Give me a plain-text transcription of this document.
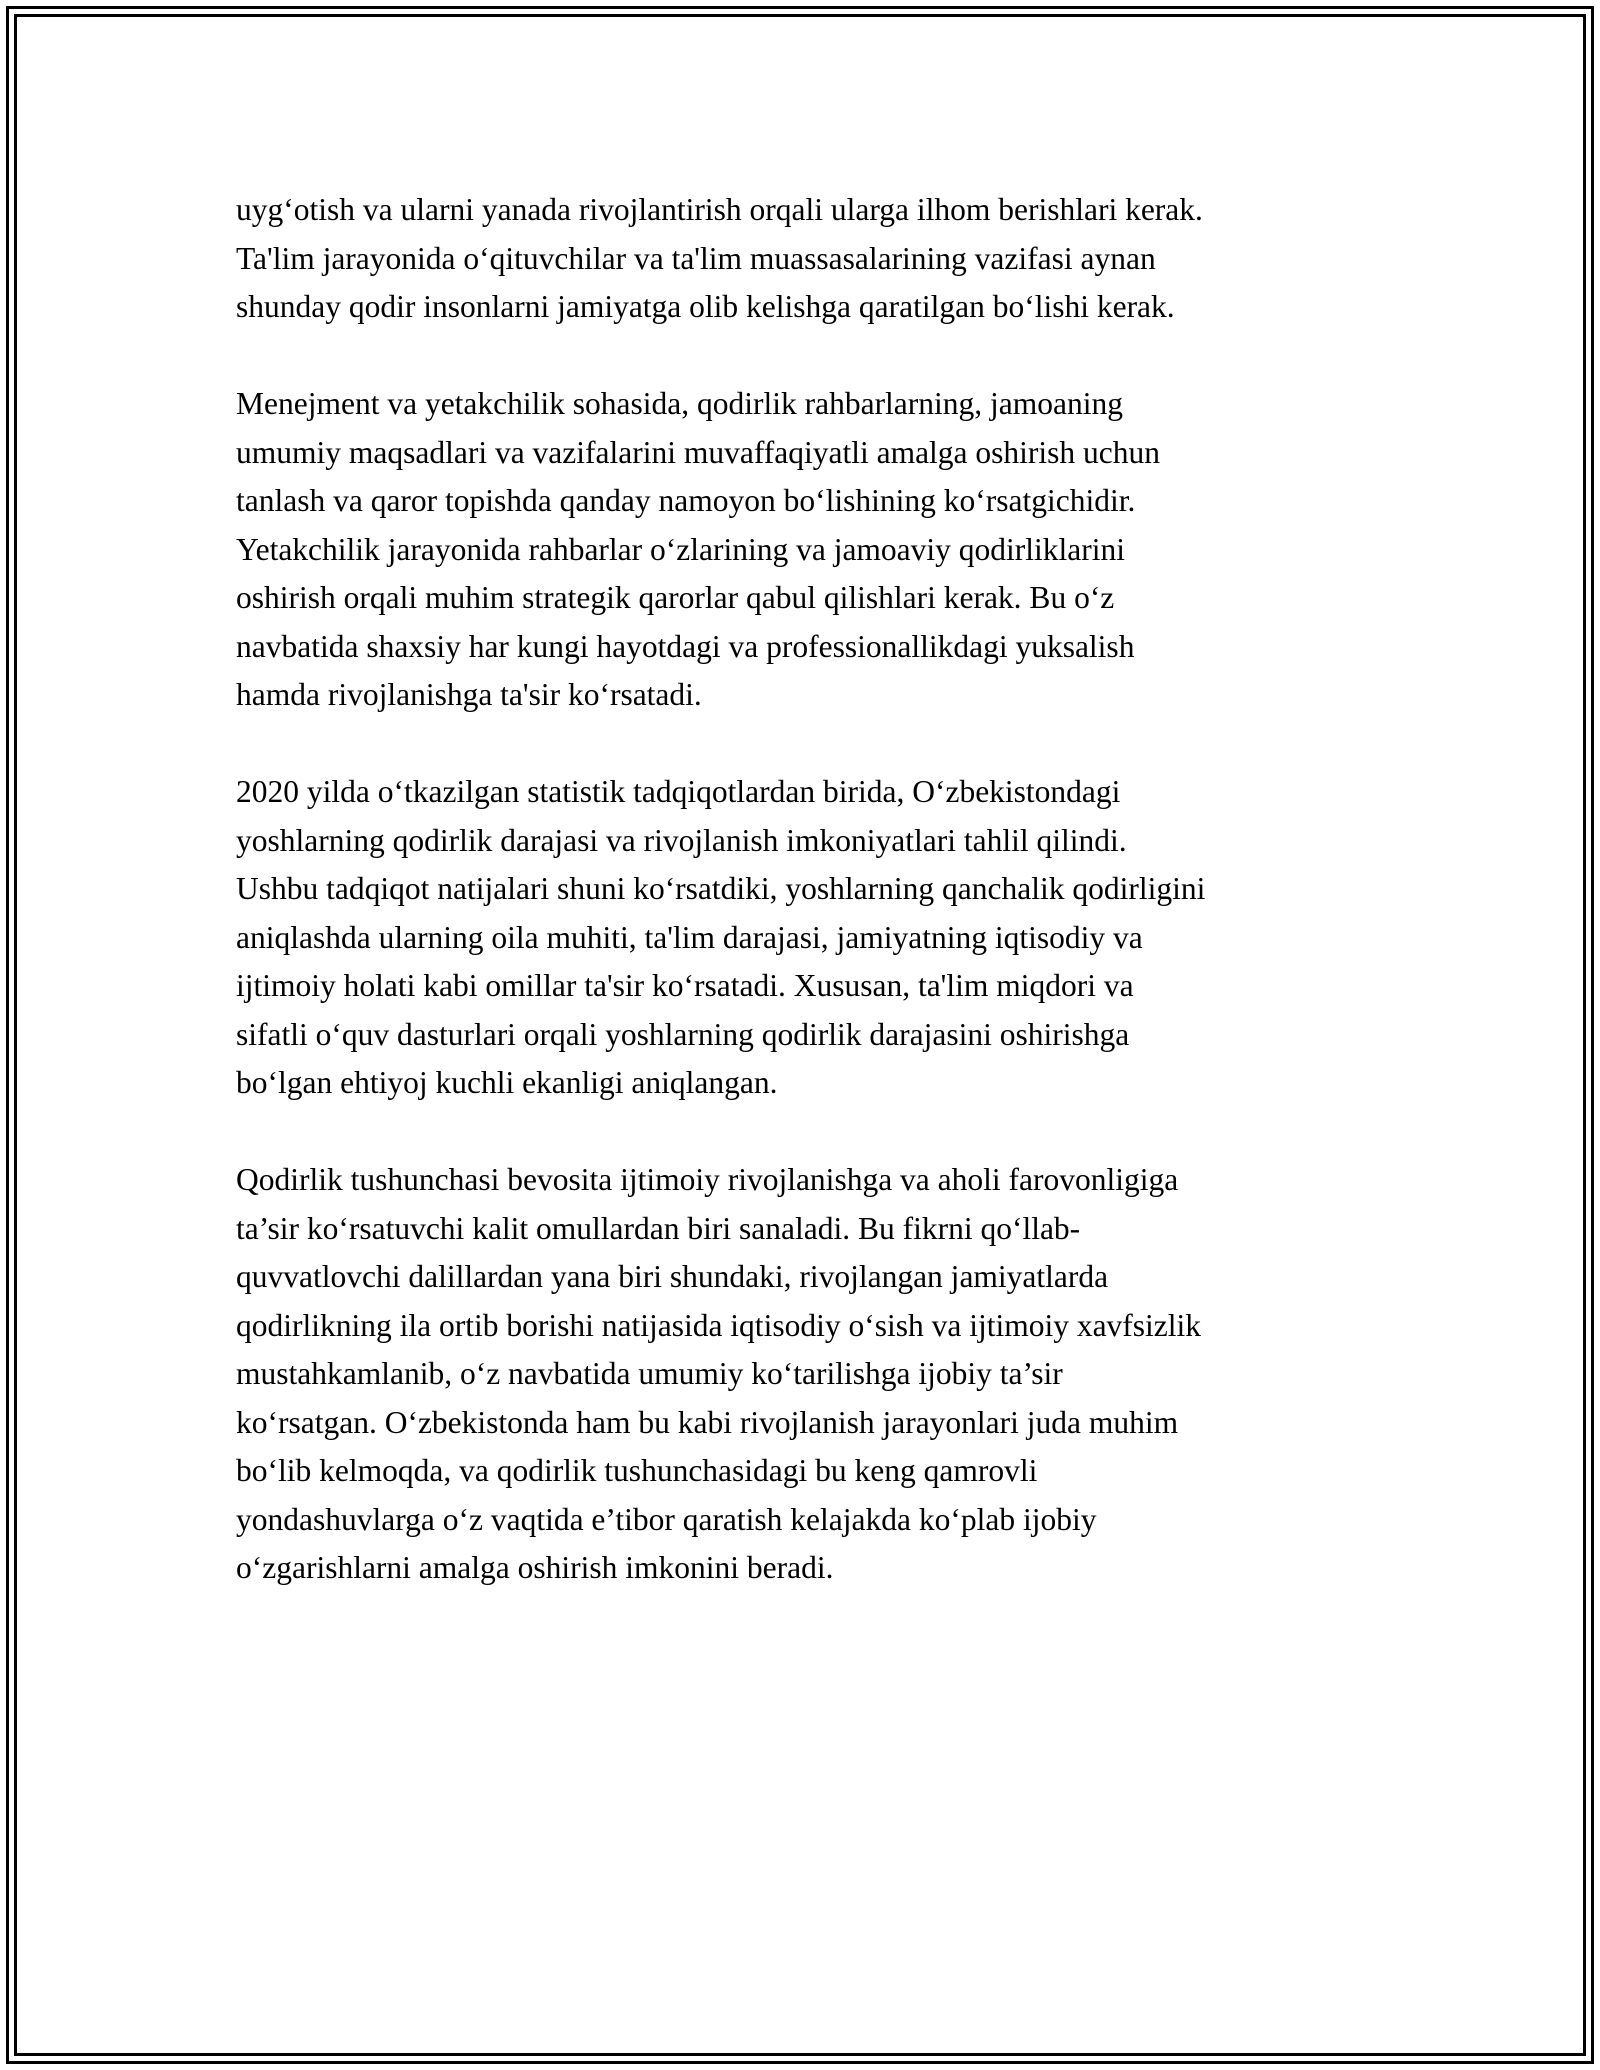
uyg‘otish va ularni yanada rivojlantirish orqali ularga ilhom berishlari kerak.
Ta'lim jarayonida o‘qituvchilar va ta'lim muassasalarining vazifasi aynan
shunday qodir insonlarni jamiyatga olib kelishga qaratilgan bo‘lishi kerak.

Menejment va yetakchilik sohasida, qodirlik rahbarlarning, jamoaning
umumiy maqsadlari va vazifalarini muvaffaqiyatli amalga oshirish uchun
tanlash va qaror topishda qanday namoyon bo‘lishining ko‘rsatgichidir.
Yetakchilik jarayonida rahbarlar o‘zlarining va jamoaviy qodirliklarini
oshirish orqali muhim strategik qarorlar qabul qilishlari kerak. Bu o‘z
navbatida shaxsiy har kungi hayotdagi va professionallikdagi yuksalish
hamda rivojlanishga ta'sir ko‘rsatadi.

2020 yilda o‘tkazilgan statistik tadqiqotlardan birida, O‘zbekistondagi
yoshlarning qodirlik darajasi va rivojlanish imkoniyatlari tahlil qilindi.
Ushbu tadqiqot natijalari shuni ko‘rsatdiki, yoshlarning qanchalik qodirligini
aniqlashda ularning oila muhiti, ta'lim darajasi, jamiyatning iqtisodiy va
ijtimoiy holati kabi omillar ta'sir ko‘rsatadi. Xususan, ta'lim miqdori va
sifatli o‘quv dasturlari orqali yoshlarning qodirlik darajasini oshirishga
bo‘lgan ehtiyoj kuchli ekanligi aniqlangan.

Qodirlik tushunchasi bevosita ijtimoiy rivojlanishga va aholi farovonligiga
ta’sir ko‘rsatuvchi kalit omullardan biri sanaladi. Bu fikrni qo‘llab-
quvvatlovchi dalillardan yana biri shundaki, rivojlangan jamiyatlarda
qodirlikning ila ortib borishi natijasida iqtisodiy o‘sish va ijtimoiy xavfsizlik
mustahkamlanib, o‘z navbatida umumiy ko‘tarilishga ijobiy ta’sir
ko‘rsatgan. O‘zbekistonda ham bu kabi rivojlanish jarayonlari juda muhim
bo‘lib kelmoqda, va qodirlik tushunchasidagi bu keng qamrovli
yondashuvlarga o‘z vaqtida e’tibor qaratish kelajakda ko‘plab ijobiy
o‘zgarishlarni amalga oshirish imkonini beradi.
